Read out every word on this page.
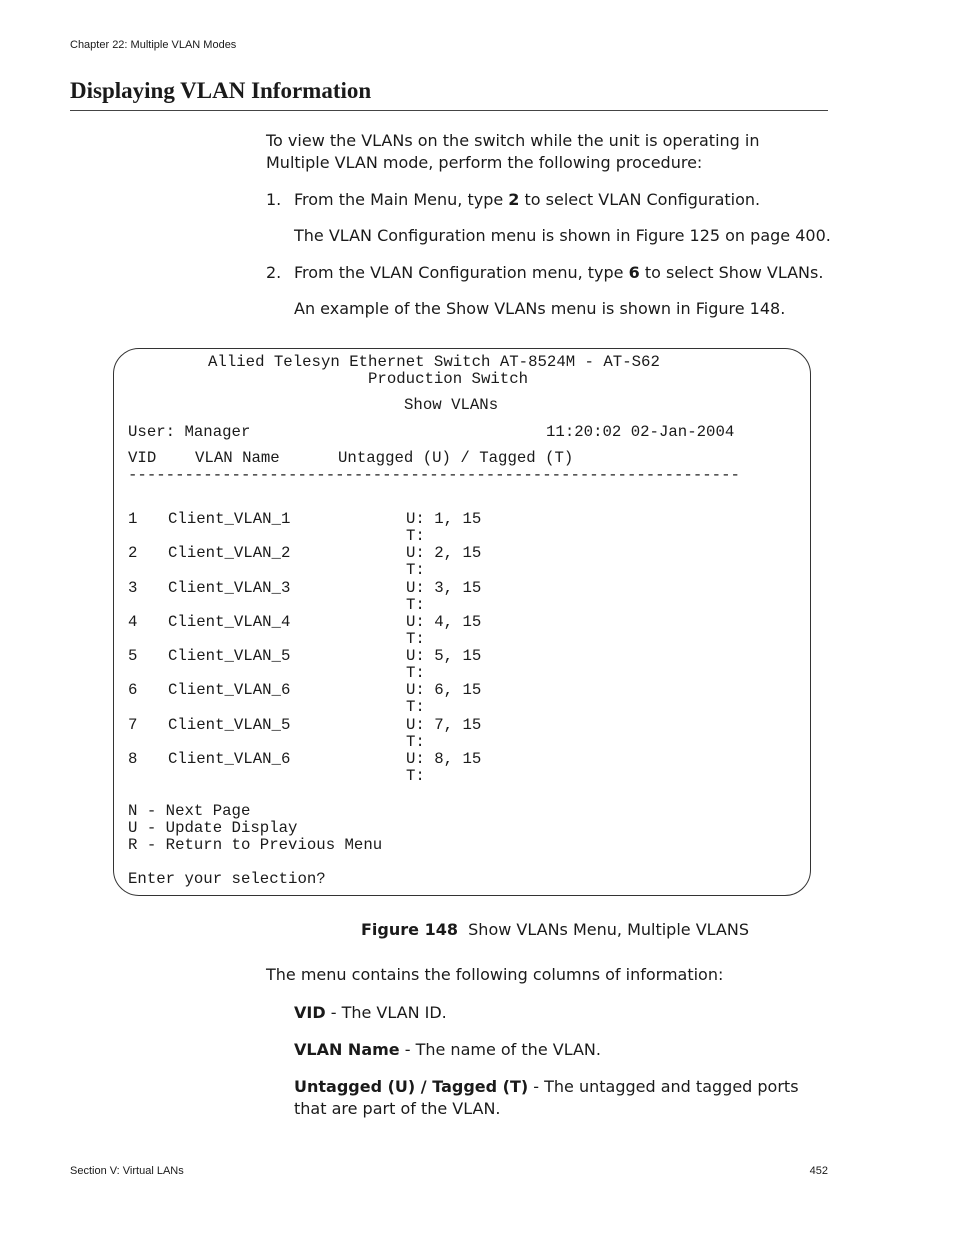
Chapter 22: Multiple VLAN Modes
Displaying VLAN Information
To view the VLANs on the switch while the unit is operating in Multiple VLAN mode, perform the following procedure:
1. From the Main Menu, type 2 to select VLAN Configuration.
The VLAN Configuration menu is shown in Figure 125 on page 400.
2. From the VLAN Configuration menu, type 6 to select Show VLANs.
An example of the Show VLANs menu is shown in Figure 148.
Allied Telesyn Ethernet Switch AT-8524M - AT-S62
Production Switch
Show VLANs
User: Manager	11:20:02 02-Jan-2004
VID VLAN Name	Untagged (U) / Tagged (T)
-----------------------------------------------------------------
1 Client_VLAN_1	U: 1, 15
T:
2 Client_VLAN_2	U: 2, 15
T:
3 Client_VLAN_3	U: 3, 15
T:
4 Client_VLAN_4	U: 4, 15
T:
5 Client_VLAN_5	U: 5, 15
T:
6 Client_VLAN_6	U: 6, 15
T:
7 Client_VLAN_5	U: 7, 15
T:
8 Client_VLAN_6	U: 8, 15
T:
N - Next Page
U - Update Display
R - Return to Previous Menu
Enter your selection?
Figure 148 Show VLANs Menu, Multiple VLANS
The menu contains the following columns of information:
VID - The VLAN ID.
VLAN Name - The name of the VLAN.
Untagged (U) / Tagged (T) - The untagged and tagged ports that are part of the VLAN.
Section V: Virtual LANs	452
